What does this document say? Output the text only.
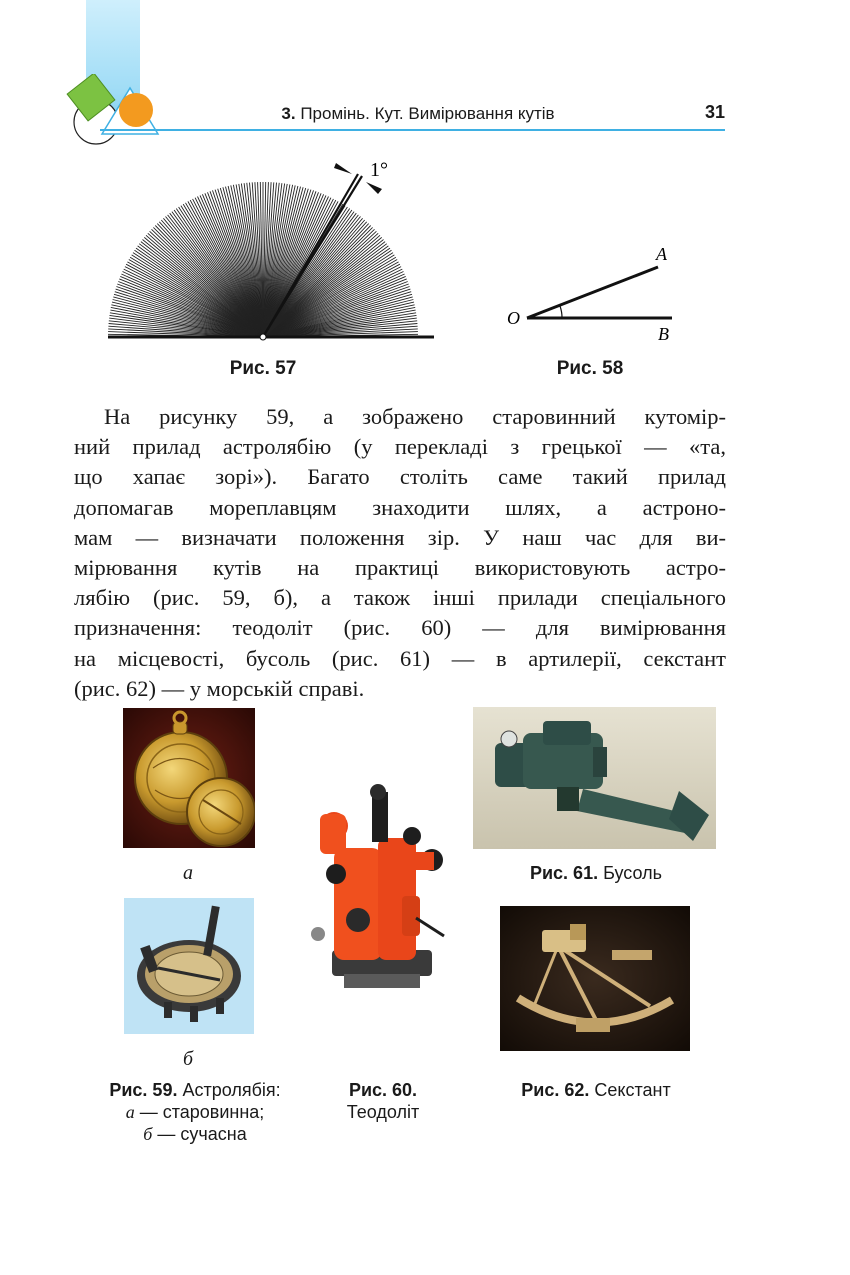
3. Промінь. Кут. Вимірювання кутів	31
1°
Рис. 57
O
A
B
Рис. 58
На рисунку 59, а зображено старовинний кутомір-
ний прилад астролябію (у перекладі з грецької — «та,
що хапає зорі»). Багато століть саме такий прилад
допомагав мореплавцям знаходити шлях, а астроно-
мам — визначати положення зір. У наш час для ви-
мірювання кутів на практиці використовують астро-
лябію (рис. 59, б), а також інші прилади спеціального
призначення: теодоліт (рис. 60) — для вимірювання
на місцевості, бусоль (рис. 61) — в артилерії, секстант
(рис. 62) — у морській справі.
а
б
Рис. 59. Астролябія:
а — старовинна;
б — сучасна
Рис. 60.
Теодоліт
Рис. 61. Бусоль
Рис. 62. Секстант
